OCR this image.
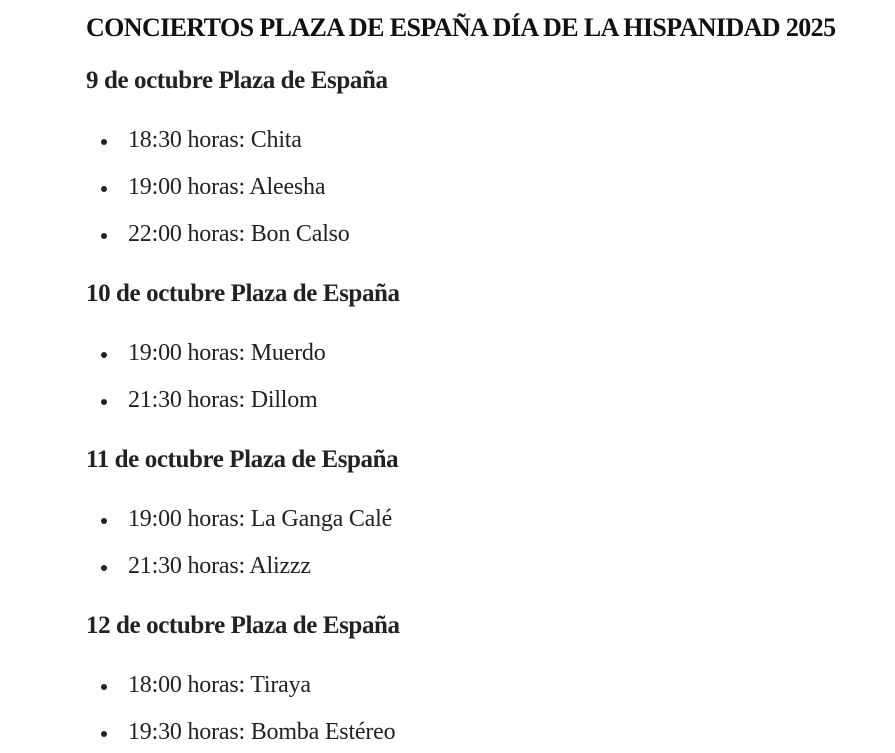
CONCIERTOS PLAZA DE ESPAÑA DÍA DE LA HISPANIDAD 2025
9 de octubre Plaza de España
18:30 horas: Chita
19:00 horas: Aleesha
22:00 horas: Bon Calso
10 de octubre Plaza de España
19:00 horas: Muerdo
21:30 horas: Dillom
11 de octubre Plaza de España
19:00 horas: La Ganga Calé
21:30 horas: Alizzz
12 de octubre Plaza de España
18:00 horas: Tiraya
19:30 horas: Bomba Estéreo
